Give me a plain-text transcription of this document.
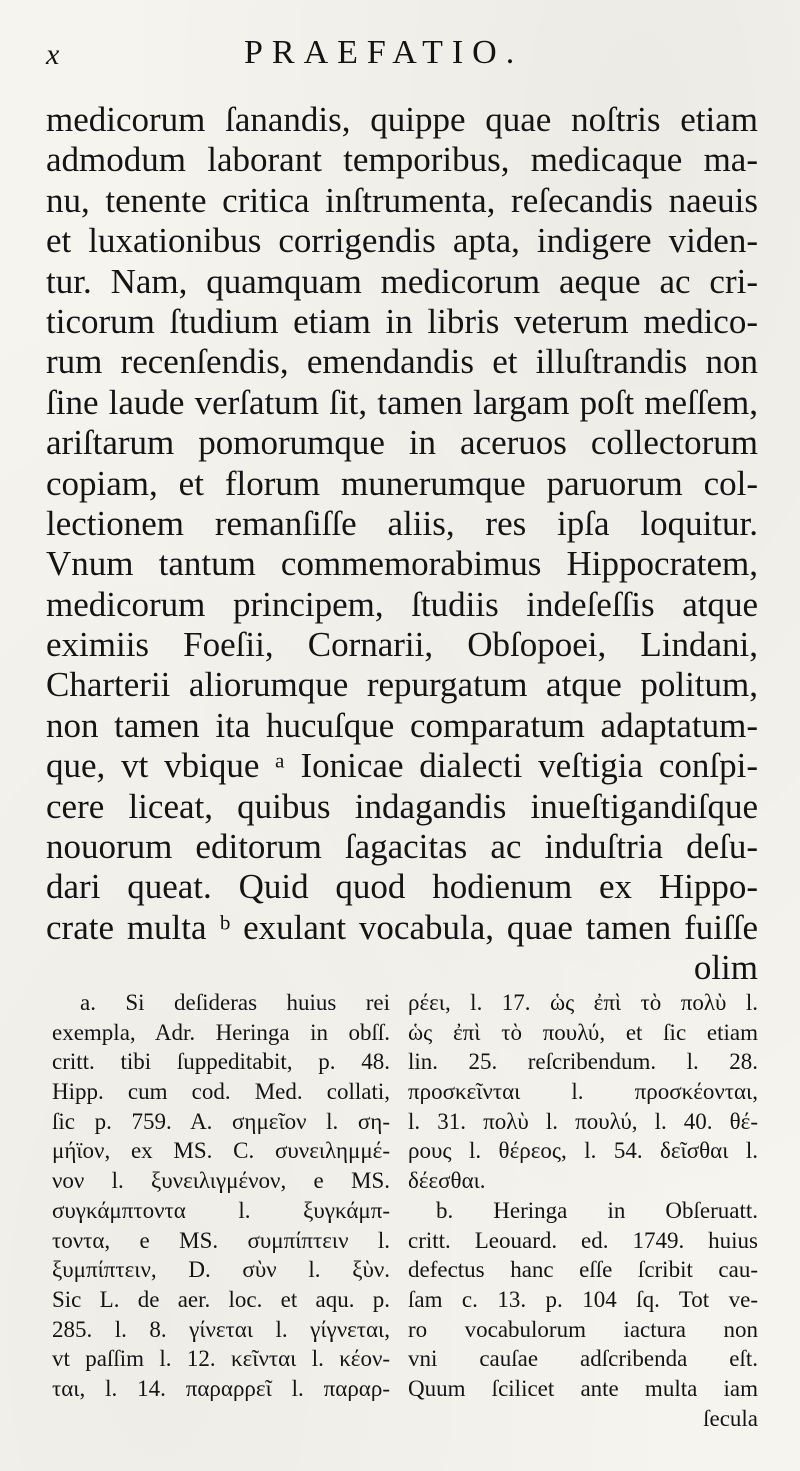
x	PRAEFATIO.
medicorum ſanandis, quippe quae noſtris etiam
admodum laborant temporibus, medicaque ma-
nu, tenente critica inſtrumenta, reſecandis naeuis
et luxationibus corrigendis apta, indigere viden-
tur. Nam, quamquam medicorum aeque ac cri-
ticorum ſtudium etiam in libris veterum medico-
rum recenſendis, emendandis et illuſtrandis non
ſine laude verſatum ſit, tamen largam poſt meſſem,
ariſtarum pomorumque in aceruos collectorum
copiam, et florum munerumque paruorum col-
lectionem remanſiſſe aliis, res ipſa loquitur.
Vnum tantum commemorabimus Hippocratem,
medicorum principem, ſtudiis indeſeſſis atque
eximiis Foeſii, Cornarii, Obſopoei, Lindani,
Charterii aliorumque repurgatum atque politum,
non tamen ita hucuſque comparatum adaptatum-
que, vt vbique ᵃ Ionicae dialecti veſtigia conſpi-
cere liceat, quibus indagandis inueſtigandiſque
nouorum editorum ſagacitas ac induſtria deſu-
dari queat. Quid quod hodienum ex Hippo-
crate multa ᵇ exulant vocabula, quae tamen fuiſſe
olim
a. Si deſideras huius rei
exempla, Adr. Heringa in obſſ.
critt. tibi ſuppeditabit, p. 48.
Hipp. cum cod. Med. collati,
ſic p. 759. A. σημεῖον l. ση-
μήϊον, ex MS. C. συνειλημμέ-
νον l. ξυνειλιγμένον, e MS.
συγκάμπτοντα l. ξυγκάμπ-
τοντα, e MS. συμπίπτειν l.
ξυμπίπτειν, D. σὺν l. ξὺν.
Sic L. de aer. loc. et aqu. p.
285. l. 8. γίνεται l. γίγνεται,
vt paſſim l. 12. κεῖνται l. κέον-
ται, l. 14. παραρρεῖ l. παραρ-
ρέει, l. 17. ὡς ἐπὶ τὸ πολὺ l.
ὡς ἐπὶ τὸ πουλύ, et ſic etiam
lin. 25. reſcribendum. l. 28.
προσκεῖνται l. προσκέονται,
l. 31. πολὺ l. πουλύ, l. 40. θέ-
ρους l. θέρεος, l. 54. δεῖσθαι l.
δέεσθαι.
b. Heringa in Obſeruatt.
critt. Leouard. ed. 1749. huius
defectus hanc eſſe ſcribit cau-
ſam c. 13. p. 104 ſq. Tot ve-
ro vocabulorum iactura non
vni cauſae adſcribenda eſt.
Quum ſcilicet ante multa iam
ſecula
